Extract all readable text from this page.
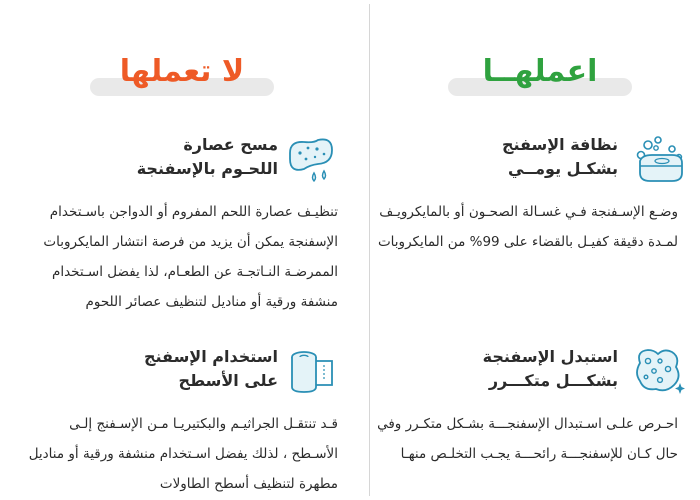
اعملهــا
لا تعملها
نظافة الإسفنج
بشكـل يومــي
وضـع الإسـفنجة فـي غسـالة الصحـون أو بالمايكرويـف لمـدة دقيقة كفيـل بالقضاء على 99% من المايكروبات
مسح عصارة
اللحـوم بالإسفنجة
تنظيـف عصارة اللحم المفروم أو الدواجن باسـتخدام الإسفنجة يمكن أن يزيد من فرصة انتشار المايكروبات الممرضـة النـاتجـة عن الطعـام، لذا يفضل اسـتخدام منشفة ورقية أو مناديل لتنظيف عصائر اللحوم
استبدل الإسفنجة
بشكـــل متكـــرر
احـرص علـى اسـتبدال الإسفنجـــة بشـكل متكـرر وفي حال كـان للإسفنجـــة رائحـــة يجـب التخلـص منهـا
استخدام الإسفنج
على الأسطح
قـد تنتقـل الجراثيـم والبكتيريـا مـن الإسـفنج إلـى الأسـطح ، لذلك يفضل اسـتخدام منشفة ورقية أو مناديل مطهرة لتنظيف أسطح الطاولات
